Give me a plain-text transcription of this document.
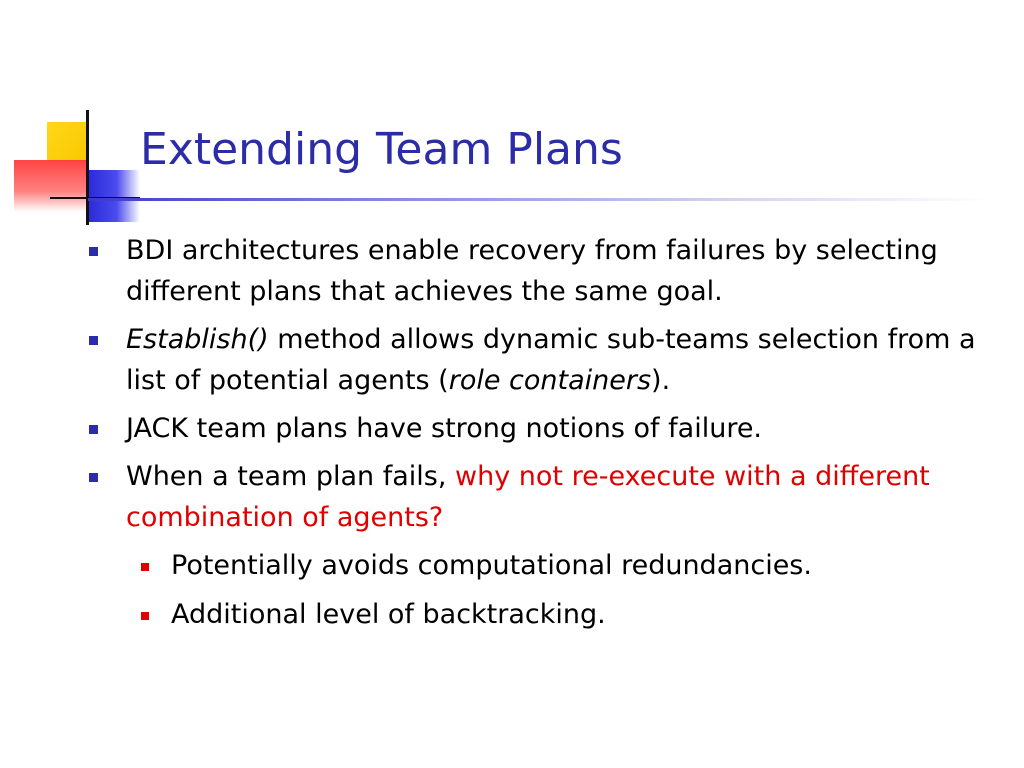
Extending Team Plans
BDI architectures enable recovery from failures by selecting different plans that achieves the same goal.
Establish() method allows dynamic sub-teams selection from a list of potential agents (role containers).
JACK team plans have strong notions of failure.
When a team plan fails, why not re-execute with a different combination of agents?
Potentially avoids computational redundancies.
Additional level of backtracking.
